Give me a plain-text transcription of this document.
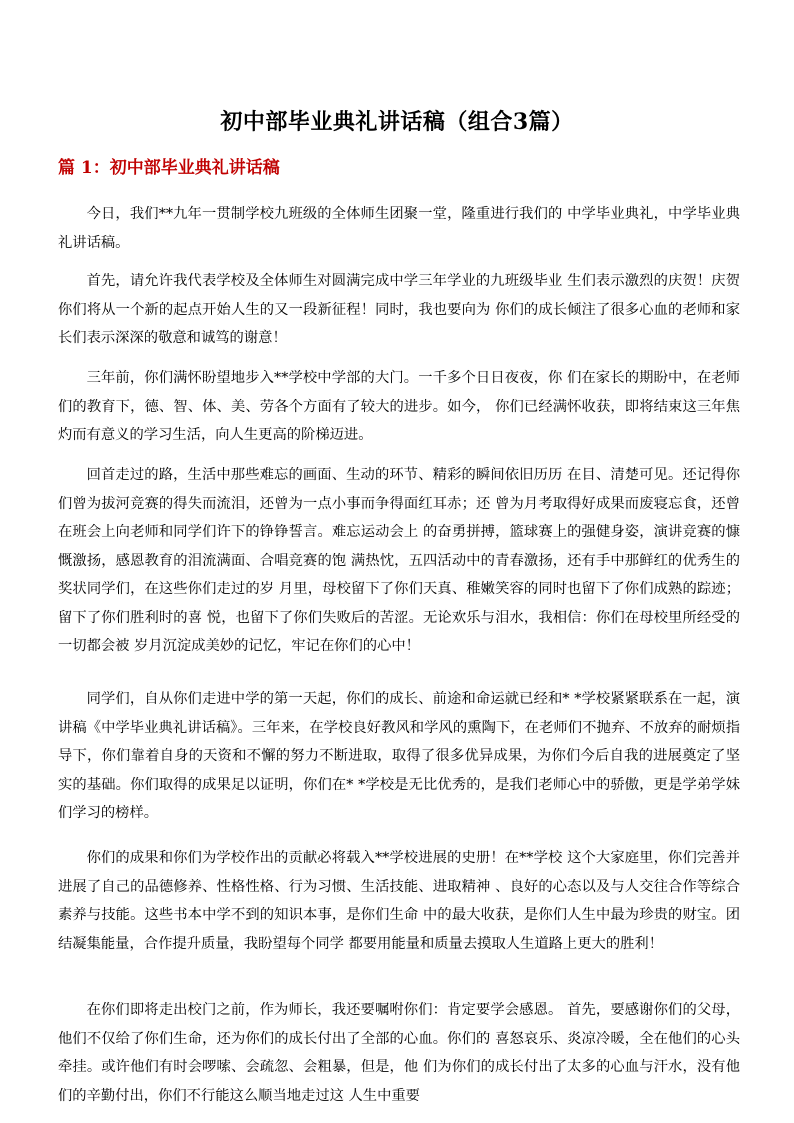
初中部毕业典礼讲话稿（组合3篇）
篇 1：初中部毕业典礼讲话稿

今日，我们**九年一贯制学校九班级的全体师生团聚一堂，隆重进行我们的 中学毕业典礼，中学毕业典礼讲话稿。

首先，请允许我代表学校及全体师生对圆满完成中学三年学业的九班级毕业 生们表示激烈的庆贺！庆贺你们将从一个新的起点开始人生的又一段新征程！同时，我也要向为 你们的成长倾注了很多心血的老师和家长们表示深深的敬意和诚笃的谢意！

三年前，你们满怀盼望地步入**学校中学部的大门。一千多个日日夜夜，你 们在家长的期盼中，在老师们的教育下，德、智、体、美、劳各个方面有了较大的进步。如今， 你们已经满怀收获，即将结束这三年焦灼而有意义的学习生活，向人生更高的阶梯迈进。

回首走过的路，生活中那些难忘的画面、生动的环节、精彩的瞬间依旧历历 在目、清楚可见。还记得你们曾为拔河竞赛的得失而流泪，还曾为一点小事而争得面红耳赤；还 曾为月考取得好成果而废寝忘食，还曾在班会上向老师和同学们许下的铮铮誓言。难忘运动会上 的奋勇拼搏，篮球赛上的强健身姿，演讲竞赛的慷慨激扬，感恩教育的泪流满面、合唱竞赛的饱 满热忱，五四活动中的青春激扬，还有手中那鲜红的优秀生的奖状同学们，在这些你们走过的岁 月里，母校留下了你们天真、稚嫩笑容的同时也留下了你们成熟的踪迹；留下了你们胜利时的喜 悦，也留下了你们失败后的苦涩。无论欢乐与泪水，我相信：你们在母校里所经受的一切都会被 岁月沉淀成美妙的记忆，牢记在你们的心中！

同学们，自从你们走进中学的第一天起，你们的成长、前途和命运就已经和* *学校紧紧联系在一起，演讲稿《中学毕业典礼讲话稿》。三年来，在学校良好教风和学风的熏陶下，在老师们不抛弃、不放弃的耐烦指导下，你们靠着自身的天资和不懈的努力不断进取，取得了很多优异成果，为你们今后自我的进展奠定了坚实的基础。你们取得的成果足以证明，你们在* *学校是无比优秀的，是我们老师心中的骄傲，更是学弟学妹们学习的榜样。

你们的成果和你们为学校作出的贡献必将载入**学校进展的史册！在**学校 这个大家庭里，你们完善并进展了自己的品德修养、性格性格、行为习惯、生活技能、进取精神 、良好的心态以及与人交往合作等综合素养与技能。这些书本中学不到的知识本事，是你们生命 中的最大收获，是你们人生中最为珍贵的财宝。团结凝集能量，合作提升质量，我盼望每个同学 都要用能量和质量去摸取人生道路上更大的胜利！

在你们即将走出校门之前，作为师长，我还要嘱咐你们：肯定要学会感恩。 首先，要感谢你们的父母，他们不仅给了你们生命，还为你们的成长付出了全部的心血。你们的 喜怒哀乐、炎凉冷暖，全在他们的心头牵挂。或许他们有时会啰嗦、会疏忽、会粗暴，但是，他 们为你们的成长付出了太多的心血与汗水，没有他们的辛勤付出，你们不行能这么顺当地走过这 人生中重要
